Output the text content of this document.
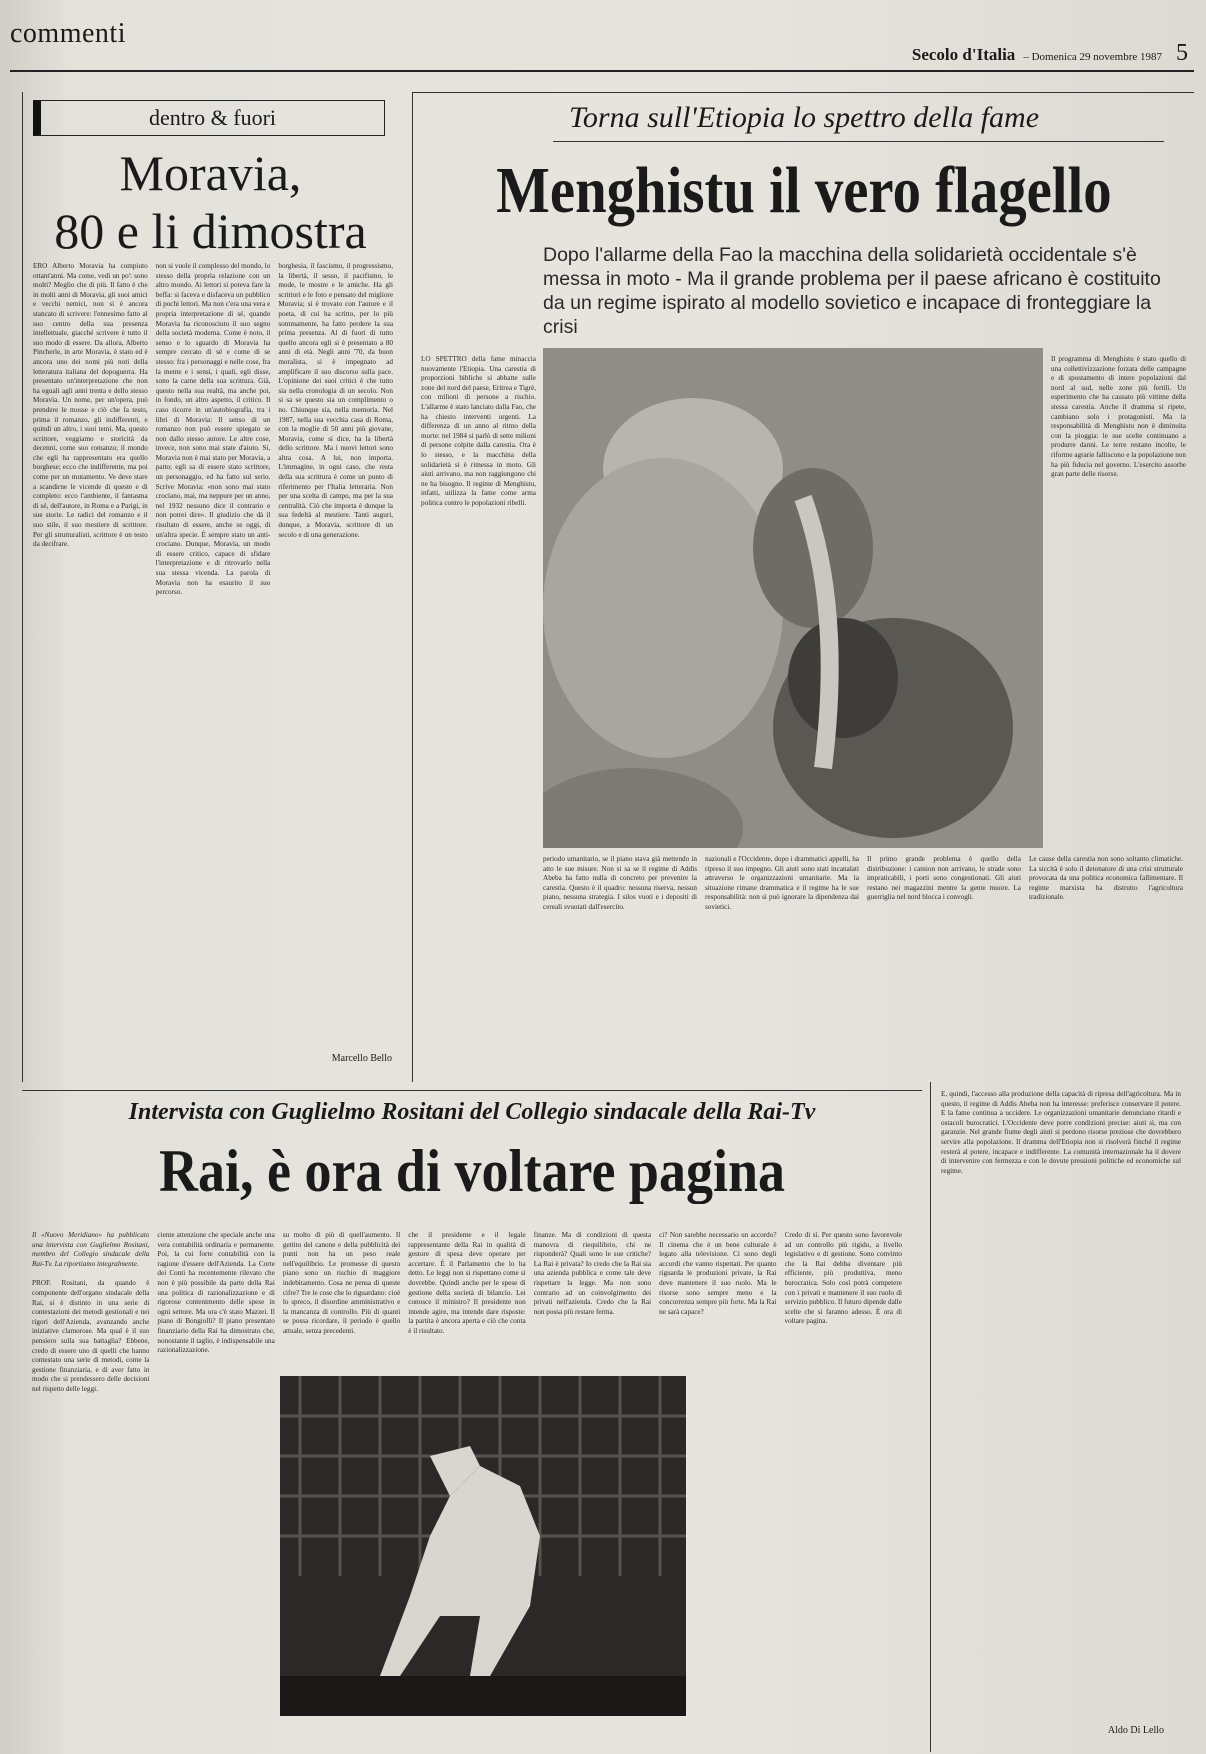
commenti
Secolo d'Italia – Domenica 29 novembre 1987 5
dentro & fuori
Moravia,
80 e li dimostra
ERO Alberto Moravia ha compiuto ottant'anni. Ma come, vedi un po': sono molti? Meglio che di più. Il fatto è che in molti anni di Moravia, gli suoi amici e vecchi nemici, non si è ancora stancato di scrivere: l'ennesimo fatto al suo centro della sua presenza intellettuale, giacché scrivere è tutto il suo modo di essere. Da allora, Alberto Pincherle, in arte Moravia, è stato ed è ancora uno dei nomi più noti della letteratura italiana del dopoguerra. Ha presentato un'interpretazione che non ha eguali agli anni trenta e dello stesso Moravia. Un nome, per un'opera, può prendere le mosse e ciò che fa testo, prima il romanzo, gli indifferenti, e quindi un altro, i suoi temi. Ma, questo scrittore, veggiamo e storicità da decenni, come suo romanzo; il mondo che egli ha rappresentato era quello borghese; ecco che indifferente, ma poi come per un mutamento. Ve deve stare a scandirne le vicende di queste e di completo: ecco l'ambiente, il fantasma di sé, dell'autore, in Roma e a Parigi, in sue storie. Le radici del romanzo e il suo stile, il suo mestiere di scrittore. Per gli strutturalisti, scrittore è un testo da decifrare.
non si vuole il complesso del mondo, lo stesso della propria relazione con un altro mondo. Ai lettori si poteva fare la beffa: si faceva e disfaceva un pubblico di pochi lettori. Ma non c'era una vera e propria interpretazione di sé, quando Moravia ha riconosciuto il suo segno della società moderna. Come è noto, il senso e lo sguardo di Moravia ha sempre cercato di sé e come di se stesso: fra i personaggi e nelle cose, fra la mente e i sensi, i quali, egli disse, sono la carne della sua scrittura. Già, questo nella sua realtà, ma anche poi, in fondo, un altro aspetto, il critico. Il caso ricorre in un'autobiografia, tra i libri di Moravia: Il senso di un romanzo non può essere spiegato se non dallo stesso autore. Le altre cose, invece, non sono mai state d'aiuto. Sì, Moravia non è mai stato per Moravia, a patto; egli sa di essere stato scrittore, un personaggio, ed ha fatto sul serio. Scrive Moravia: «non sono mai stato crociano, mai, ma neppure per un anno, nel 1932 nessuno dice il contrario e non potrei dire». Il giudizio che dà il risultato di essere, anche se oggi, di un'altra specie. È sempre stato un anti-crociano. Dunque, Moravia, un modo di essere critico, capace di sfidare l'interpretazione e di ritrovarlo nella sua stessa vicenda. La parola di Moravia non ha esaurito il suo percorso.
borghesia, il fascismo, il progressismo, la libertà, il sesso, il pacifismo, le mode, le mostre e le amiche. Ha gli scrittori e le foto e pensato del migliore Moravia; si è trovato con l'autore e il poeta, di cui ha scritto, per lo più sommamente, ha fatto perdere la sua prima presenza. Al di fuori di tutto quello ancora egli si è presentato a 80 anni di età. Negli anni '70, da buon moralista, si è impegnato ad amplificare il suo discorso sulla pace. L'opinione dei suoi critici è che tutto sia nella cronologia di un secolo. Non si sa se questo sia un complimento o no. Chiunque sia, nella memoria. Nel 1987, nella sua vecchia casa di Roma, con la moglie di 50 anni più giovane, Moravia, come si dice, ha la libertà dello scrittore. Ma i nuovi lettori sono altra cosa. A lui, non importa. L'immagine, in ogni caso, che resta della sua scrittura è come un punto di riferimento per l'Italia letteraria. Non per una scelta di campo, ma per la sua centralità. Ciò che importa è dunque la sua fedeltà al mestiere. Tanti auguri, dunque, a Moravia, scrittore di un secolo e di una generazione.
Marcello Bello
Torna sull'Etiopia lo spettro della fame
Menghistu il vero flagello
Dopo l'allarme della Fao la macchina della solidarietà occidentale s'è messa in moto - Ma il grande problema per il paese africano è costituito da un regime ispirato al modello sovietico e incapace di fronteggiare la crisi
LO SPETTRO della fame minaccia nuovamente l'Etiopia. Una carestia di proporzioni bibliche si abbatte sulle zone del nord del paese, Eritrea e Tigrè, con milioni di persone a rischio. L'allarme è stato lanciato dalla Fao, che ha chiesto interventi urgenti. La differenza di un anno al ritmo della morte: nel 1984 si parlò di sette milioni di persone colpite dalla carestia. Ora è lo stesso, e la macchina della solidarietà si è rimessa in moto. Gli aiuti arrivano, ma non raggiungono chi ne ha bisogno. Il regime di Menghistu, infatti, utilizza la fame come arma politica contro le popolazioni ribelli.
Il programma di Menghistu è stato quello di una collettivizzazione forzata delle campagne e di spostamento di intere popolazioni dal nord al sud, nelle zone più fertili. Un esperimento che ha causato più vittime della stessa carestia. Anche il dramma si ripete, cambiano solo i protagonisti. Ma la responsabilità di Menghistu non è diminuita con la pioggia: le sue scelte continuano a produrre danni. Le terre restano incolte, le riforme agrarie falliscono e la popolazione non ha più fiducia nel governo. L'esercito assorbe gran parte delle risorse.
periodo umanitario, se il piano stava già mettendo in atto le sue misure. Non si sa se il regime di Addis Abeba ha fatto nulla di concreto per prevenire la carestia. Questo è il quadro: nessuna riserva, nessun piano, nessuna strategia. I silos vuoti e i depositi di cereali svuotati dall'esercito.
nazionali e l'Occidente, dopo i drammatici appelli, ha ripreso il suo impegno. Gli aiuti sono stati incanalati attraverso le organizzazioni umanitarie. Ma la situazione rimane drammatica e il regime ha le sue responsabilità: non si può ignorare la dipendenza dai sovietici.
Il primo grande problema è quello della distribuzione: i camion non arrivano, le strade sono impraticabili, i porti sono congestionati. Gli aiuti restano nei magazzini mentre la gente muore. La guerriglia nel nord blocca i convogli.
Le cause della carestia non sono soltanto climatiche. La siccità è solo il detonatore di una crisi strutturale provocata da una politica economica fallimentare. Il regime marxista ha distrutto l'agricoltura tradizionale.
E, quindi, l'accesso alla produzione della capacità di ripresa dell'agricoltura. Ma in questo, il regime di Addis Abeba non ha interesse: preferisce conservare il potere. E la fame continua a uccidere. Le organizzazioni umanitarie denunciano ritardi e ostacoli burocratici. L'Occidente deve porre condizioni precise: aiuti sì, ma con garanzie. Nel grande fiume degli aiuti si perdono risorse preziose che dovrebbero servire alla popolazione. Il dramma dell'Etiopia non si risolverà finché il regime resterà al potere, incapace e indifferente. La comunità internazionale ha il dovere di intervenire con fermezza e con le dovute pressioni politiche ed economiche sul regime.
Aldo Di Lello
Intervista con Guglielmo Rositani del Collegio sindacale della Rai-Tv
Rai, è ora di voltare pagina
Il «Nuovo Meridiano» ha pubblicato una intervista con Guglielmo Rositani, membro del Collegio sindacale della Rai-Tv. La riportiamo integralmente.
PROF. Rositani, da quando è componente dell'organo sindacale della Rai, si è distinto in una serie di contestazioni dei metodi gestionali e nei rigori dell'Azienda, avanzando anche iniziative clamorose. Ma qual è il suo pensiero sulla sua battaglia? Ebbene, credo di essere uno di quelli che hanno contestato una serie di metodi, come la gestione finanziaria, e di aver fatto in modo che si prendessero delle decisioni nel rispetto delle leggi.
ciente attenzione che speciale anche una vera contabilità ordinaria e permanente. Poi, la cui forte contabilità con la ragione d'essere dell'Azienda. La Corte dei Conti ha recentemente rilevato che non è più possibile da parte della Rai una politica di razionalizzazione e di rigorose contenimento delle spese in ogni settore. Ma ora c'è stato Mazzei. Il piano di Bongiolli? Il piano presentato finanziario della Rai ha dimostrato che, nonostante il taglio, è indispensabile una razionalizzazione.
su molto di più di quell'aumento. Il gettito del canone e della pubblicità dei punti non ha un peso reale nell'equilibrio. Le promesse di questo piano sono un rischio di maggiore indebitamento. Cosa ne pensa di queste cifre? Tre le cose che lo riguardano: cioè lo spreco, il disordine amministrativo e la mancanza di controllo. Più di quanti se possa ricordare, il periodo è quello attuale, senza precedenti.
che il presidente e il legale rappresentante della Rai in qualità di gestore di spesa deve operare per accertare. È il Parlamento che lo ha detto. Le leggi non si rispettano come si dovrebbe. Quindi anche per le spese di gestione della società di bilancio. Lei conosce il ministro? Il presidente non intende agire, ma intende dare risposte: la partita è ancora aperta e ciò che conta è il risultato.
finanze. Ma di condizioni di questa manovra di riequilibrio, chi ne risponderà? Quali sono le sue critiche? La Rai è privata? Io credo che la Rai sia una azienda pubblica e come tale deve rispettare la legge. Ma non sono contrario ad un coinvolgimento dei privati nell'azienda. Credo che la Rai non possa più restare ferma.
ci? Non sarebbe necessario un accordo? Il cinema che è un bene culturale è legato alla televisione. Ci sono degli accordi che vanno rispettati. Per quanto riguarda le produzioni private, la Rai deve mantenere il suo ruolo. Ma le risorse sono sempre meno e la concorrenza sempre più forte. Ma la Rai ne sarà capace?
Credo di sì. Per questo sono favorevole ad un controllo più rigido, a livello legislativo e di gestione. Sono convinto che la Rai debba diventare più efficiente, più produttiva, meno burocratica. Solo così potrà competere con i privati e mantenere il suo ruolo di servizio pubblico. Il futuro dipende dalle scelte che si faranno adesso. È ora di voltare pagina.
